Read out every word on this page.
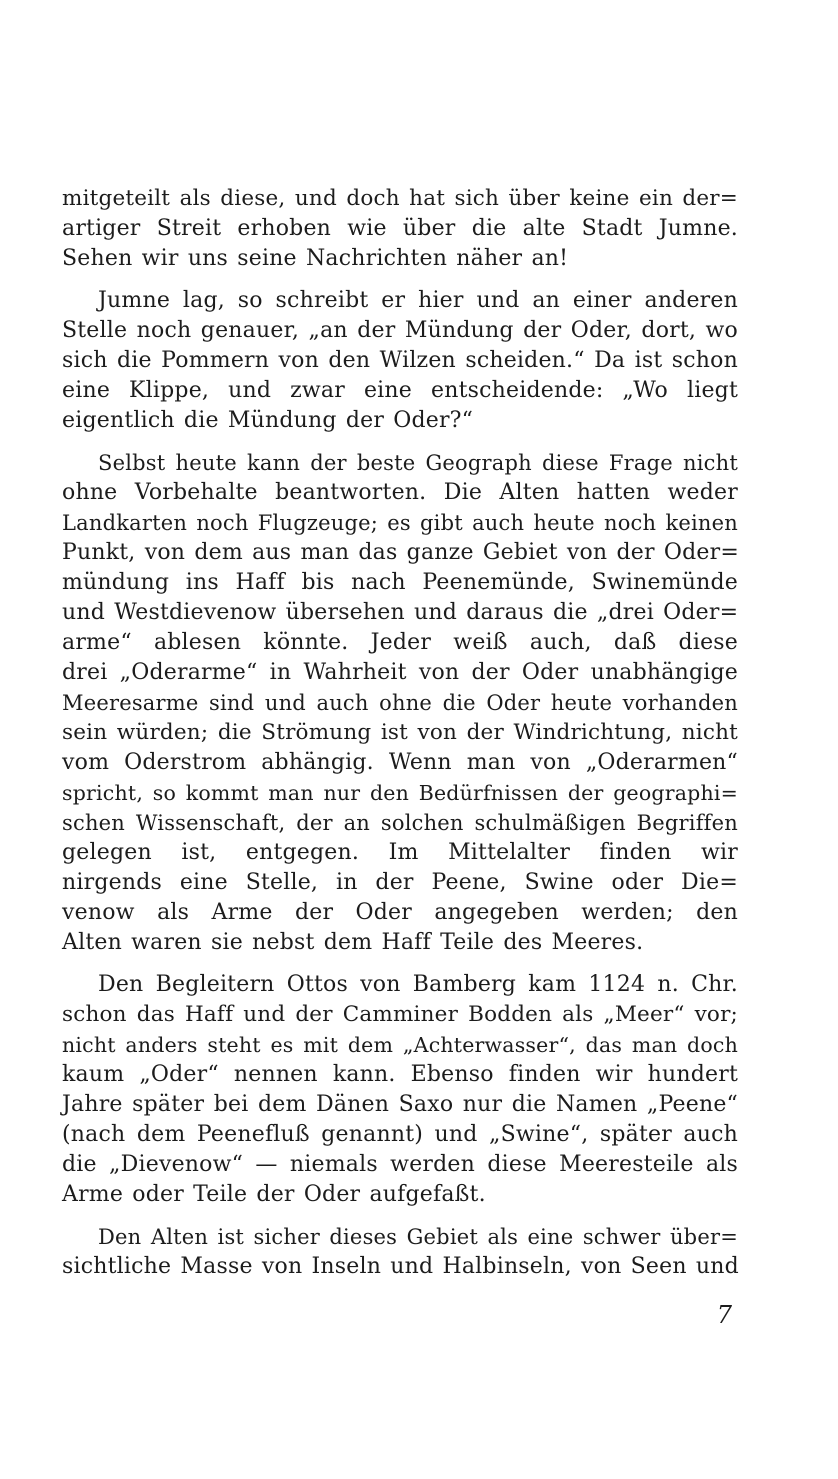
mitgeteilt als diese, und doch hat sich über keine ein der=
artiger Streit erhoben wie über die alte Stadt Jumne.
Sehen wir uns seine Nachrichten näher an!
Jumne lag, so schreibt er hier und an einer anderen
Stelle noch genauer, „an der Mündung der Oder, dort, wo
sich die Pommern von den Wilzen scheiden.“ Da ist schon
eine Klippe, und zwar eine entscheidende: „Wo liegt
eigentlich die Mündung der Oder?“
Selbst heute kann der beste Geograph diese Frage nicht
ohne Vorbehalte beantworten. Die Alten hatten weder
Landkarten noch Flugzeuge; es gibt auch heute noch keinen
Punkt, von dem aus man das ganze Gebiet von der Oder=
mündung ins Haff bis nach Peenemünde, Swinemünde
und Westdievenow übersehen und daraus die „drei Oder=
arme“ ablesen könnte. Jeder weiß auch, daß diese
drei „Oderarme“ in Wahrheit von der Oder unabhängige
Meeresarme sind und auch ohne die Oder heute vorhanden
sein würden; die Strömung ist von der Windrichtung, nicht
vom Oderstrom abhängig. Wenn man von „Oderarmen“
spricht, so kommt man nur den Bedürfnissen der geographi=
schen Wissenschaft, der an solchen schulmäßigen Begriffen
gelegen ist, entgegen. Im Mittelalter finden wir
nirgends eine Stelle, in der Peene, Swine oder Die=
venow als Arme der Oder angegeben werden; den
Alten waren sie nebst dem Haff Teile des Meeres.
Den Begleitern Ottos von Bamberg kam 1124 n. Chr.
schon das Haff und der Camminer Bodden als „Meer“ vor;
nicht anders steht es mit dem „Achterwasser“, das man doch
kaum „Oder“ nennen kann. Ebenso finden wir hundert
Jahre später bei dem Dänen Saxo nur die Namen „Peene“
(nach dem Peenefluß genannt) und „Swine“, später auch
die „Dievenow“ — niemals werden diese Meeresteile als
Arme oder Teile der Oder aufgefaßt.
Den Alten ist sicher dieses Gebiet als eine schwer über=
sichtliche Masse von Inseln und Halbinseln, von Seen und
7
